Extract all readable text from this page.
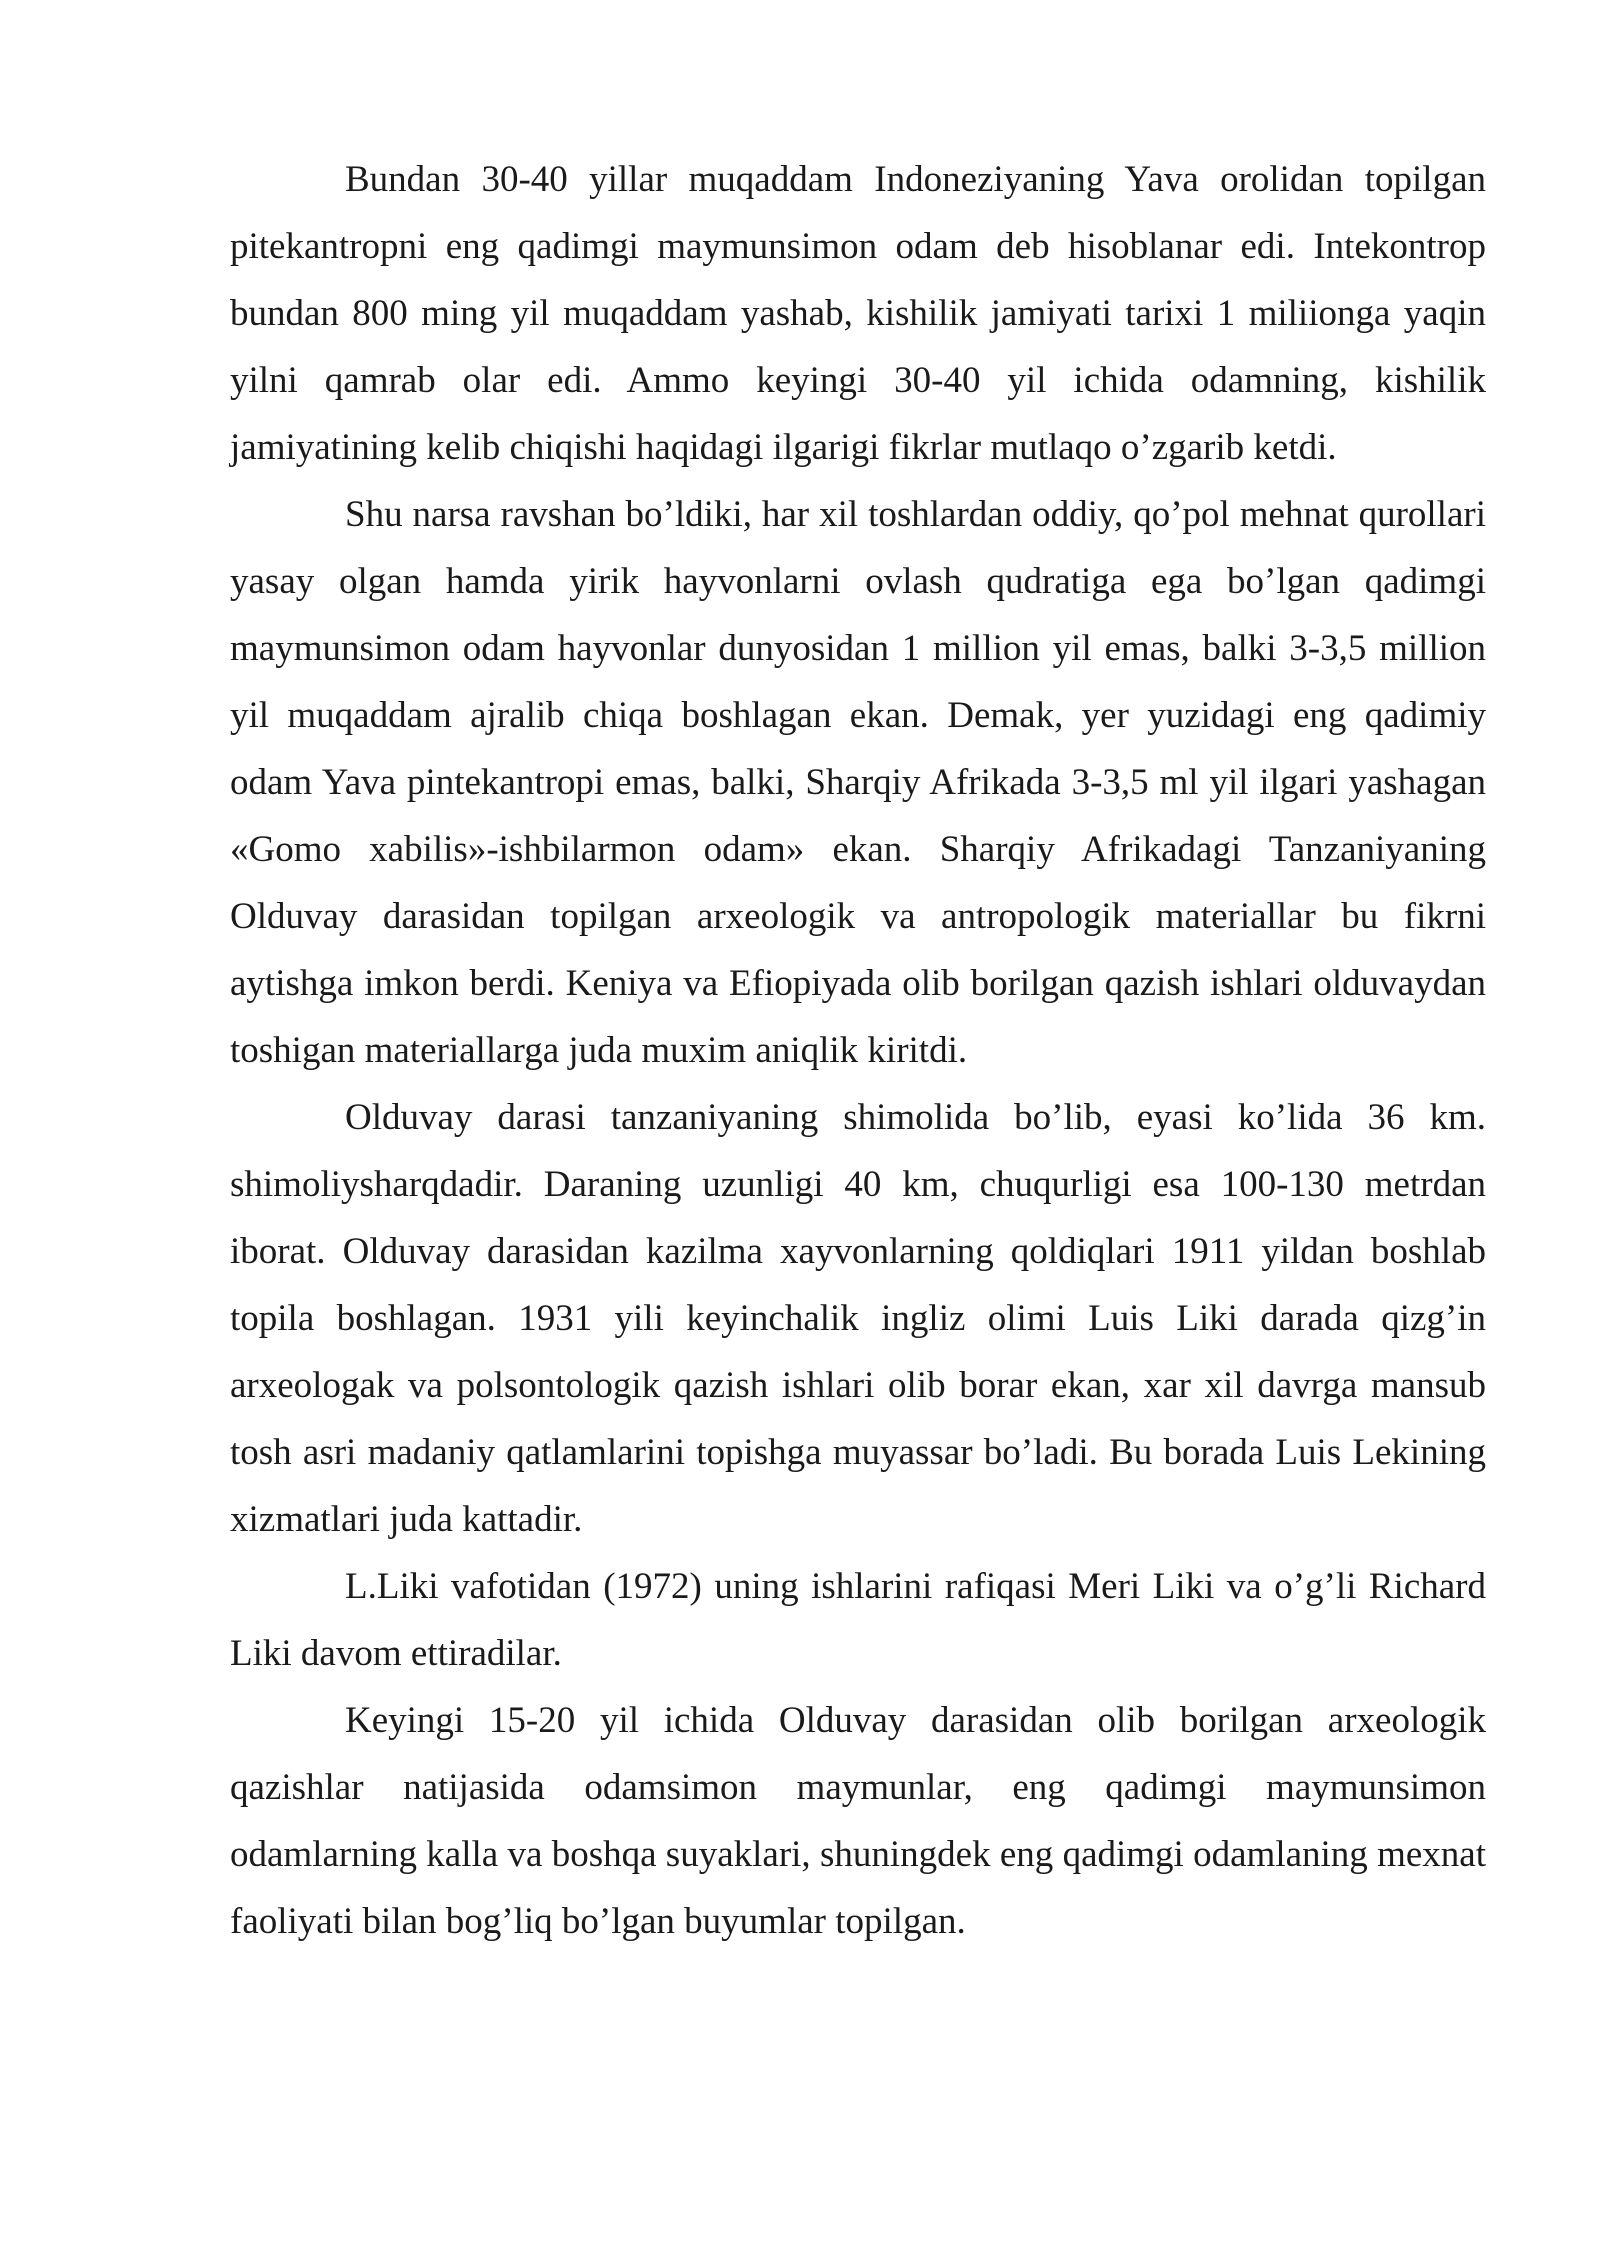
Bundan 30-40 yillar muqaddam Indoneziyaning Yava orolidan topilgan pitekantropni eng qadimgi maymunsimon odam deb hisoblanar edi. Intekontrop bundan 800 ming yil muqaddam yashab, kishilik jamiyati tarixi 1 miliionga yaqin yilni qamrab olar edi. Ammo keyingi 30-40 yil ichida odamning, kishilik jamiyatining kelib chiqishi haqidagi ilgarigi fikrlar mutlaqo o’zgarib ketdi.

Shu narsa ravshan bo’ldiki, har xil toshlardan oddiy, qo’pol mehnat qurollari yasay olgan hamda yirik hayvonlarni ovlash qudratiga ega bo’lgan qadimgi maymunsimon odam hayvonlar dunyosidan 1 million yil emas, balki 3-3,5 million yil muqaddam ajralib chiqa boshlagan ekan. Demak, yer yuzidagi eng qadimiy odam Yava pintekantropi emas, balki, Sharqiy Afrikada 3-3,5 ml yil ilgari yashagan «Gomo xabilis»-ishbilarmon odam» ekan. Sharqiy Afrikadagi Tanzaniyaning Olduvay darasidan topilgan arxeologik va antropologik materiallar bu fikrni aytishga imkon berdi. Keniya va Efiopiyada olib borilgan qazish ishlari olduvaydan toshigan materiallarga juda muxim aniqlik kiritdi.

Olduvay darasi tanzaniyaning shimolida bo’lib, eyasi ko’lida 36 km. shimoliysharqdadir. Daraning uzunligi 40 km, chuqurligi esa 100-130 metrdan iborat. Olduvay darasidan kazilma xayvonlarning qoldiqlari 1911 yildan boshlab topila boshlagan. 1931 yili keyinchalik ingliz olimi Luis Liki darada qizg’in arxeologak va polsontologik qazish ishlari olib borar ekan, xar xil davrga mansub tosh asri madaniy qatlamlarini topishga muyassar bo’ladi. Bu borada Luis Lekining xizmatlari juda kattadir.

L.Liki vafotidan (1972) uning ishlarini rafiqasi Meri Liki va o’g’li Richard Liki davom ettiradilar.

Keyingi 15-20 yil ichida Olduvay darasidan olib borilgan arxeologik qazishlar natijasida odamsimon maymunlar, eng qadimgi maymunsimon odamlarning kalla va boshqa suyaklari, shuningdek eng qadimgi odamlaning mexnat faoliyati bilan bog’liq bo’lgan buyumlar topilgan.
